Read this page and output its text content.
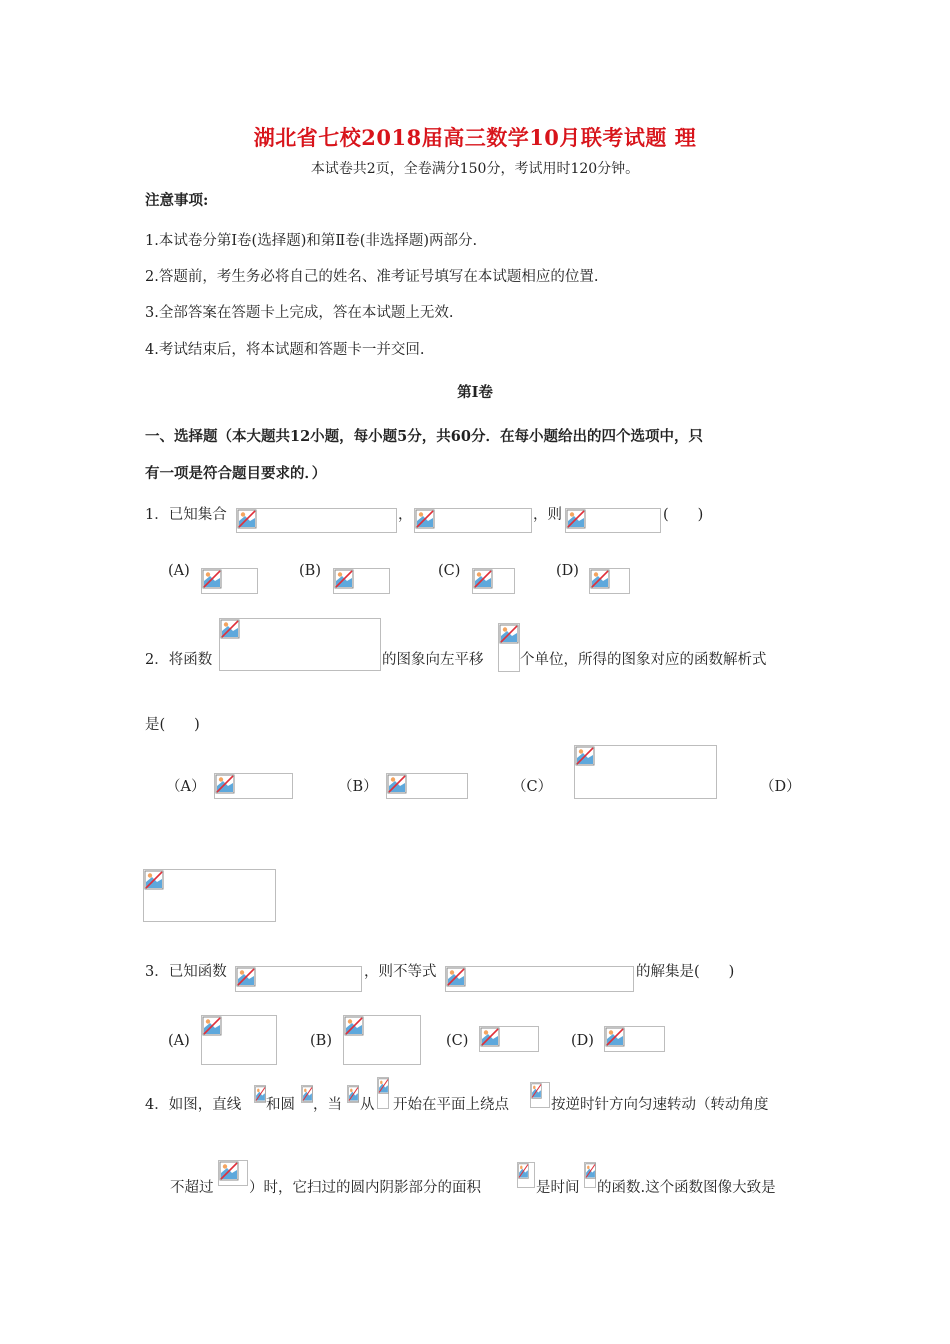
湖北省七校2018届高三数学10月联考试题 理
本试卷共2页，全卷满分150分，考试用时120分钟。
注意事项:
1.本试卷分第Ⅰ卷(选择题)和第Ⅱ卷(非选择题)两部分.
2.答题前，考生务必将自己的姓名、准考证号填写在本试题相应的位置.
3.全部答案在答题卡上完成，答在本试题上无效.
4.考试结束后，将本试题和答题卡一并交回.
第Ⅰ卷
一、选择题（本大题共12小题，每小题5分，共60分．在每小题给出的四个选项中，只
有一项是符合题目要求的．）
1．已知集合	，	，则	(　　)
(A)	(B)	(C)	(D)
2．将函数	的图象向左平移	个单位，所得的图象对应的函数解析式
是(　　)
（A）	（B）	（C）	（D）
3．已知函数	，则不等式	的解集是(　　)
(A)	(B)	(C)	(D)
4．如图，直线 和圆 ，当 从 开始在平面上绕点	按逆时针方向匀速转动（转动角度
不超过 ）时，它扫过的圆内阴影部分的面积	是时间 的函数.这个函数图像大致是
